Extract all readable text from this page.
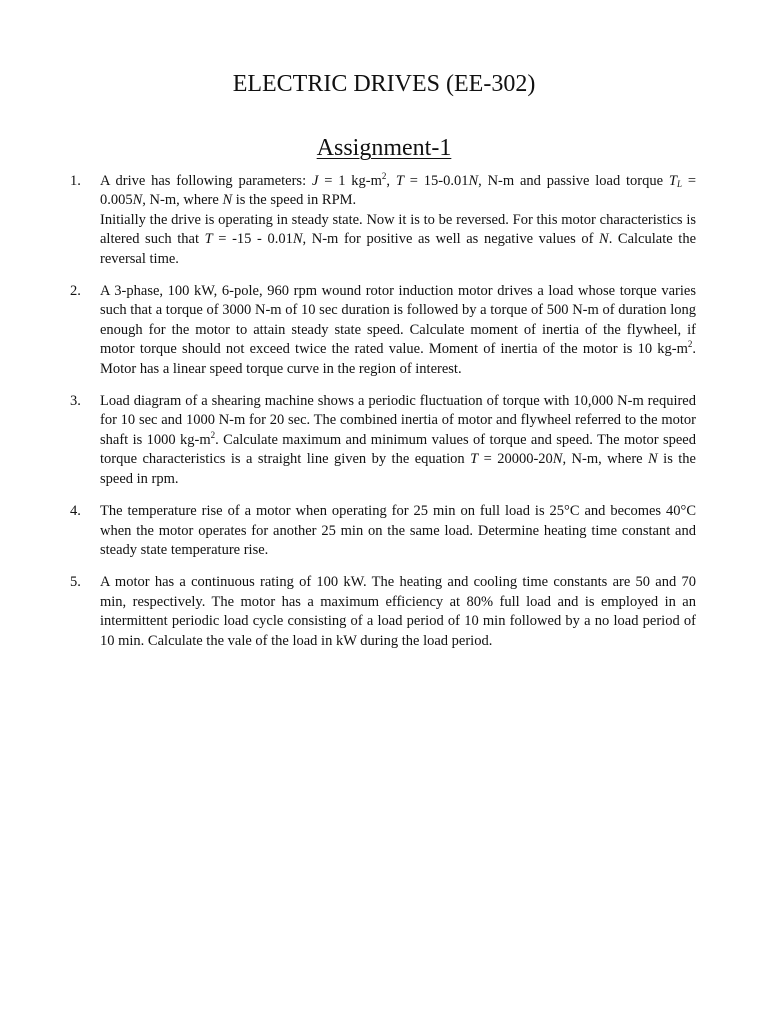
ELECTRIC DRIVES (EE-302)
Assignment-1
1.	A drive has following parameters: J = 1 $kg-m^2$, T = 15-0.01N, N-m and passive load torque $T_L = 0.005N$, N-m, where N is the speed in RPM.

Initially the drive is operating in steady state. Now it is to be reversed. For this motor characteristics is altered such that T = -15 - 0.01N, N-m for positive as well as negative values of N. Calculate the reversal time.

2.	A 3-phase, 100 kW, 6-pole, 960 rpm wound rotor induction motor drives a load whose torque varies such that a torque of 3000 N-m of 10 sec duration is followed by a torque of 500 N-m of duration long enough for the motor to attain steady state speed. Calculate moment of inertia of the flywheel, if motor torque should not exceed twice the rated value. Moment of inertia of the motor is 10 $kg-m^2$. Motor has a linear speed torque curve in the region of interest.

3.	Load diagram of a shearing machine shows a periodic fluctuation of torque with 10,000 N-m required for 10 sec and 1000 N-m for 20 sec. The combined inertia of motor and flywheel referred to the motor shaft is 1000 $kg-m^2$. Calculate maximum and minimum values of torque and speed. The motor speed torque characteristics is a straight line given by the equation T = 20000-20N, N-m, where N is the speed in rpm.

4.	The temperature rise of a motor when operating for 25 min on full load is 25°C and becomes 40°C when the motor operates for another 25 min on the same load. Determine heating time constant and steady state temperature rise.

5.	A motor has a continuous rating of 100 kW. The heating and cooling time constants are 50 and 70 min, respectively. The motor has a maximum efficiency at 80% full load and is employed in an intermittent periodic load cycle consisting of a load period of 10 min followed by a no load period of 10 min. Calculate the vale of the load in kW during the load period.
